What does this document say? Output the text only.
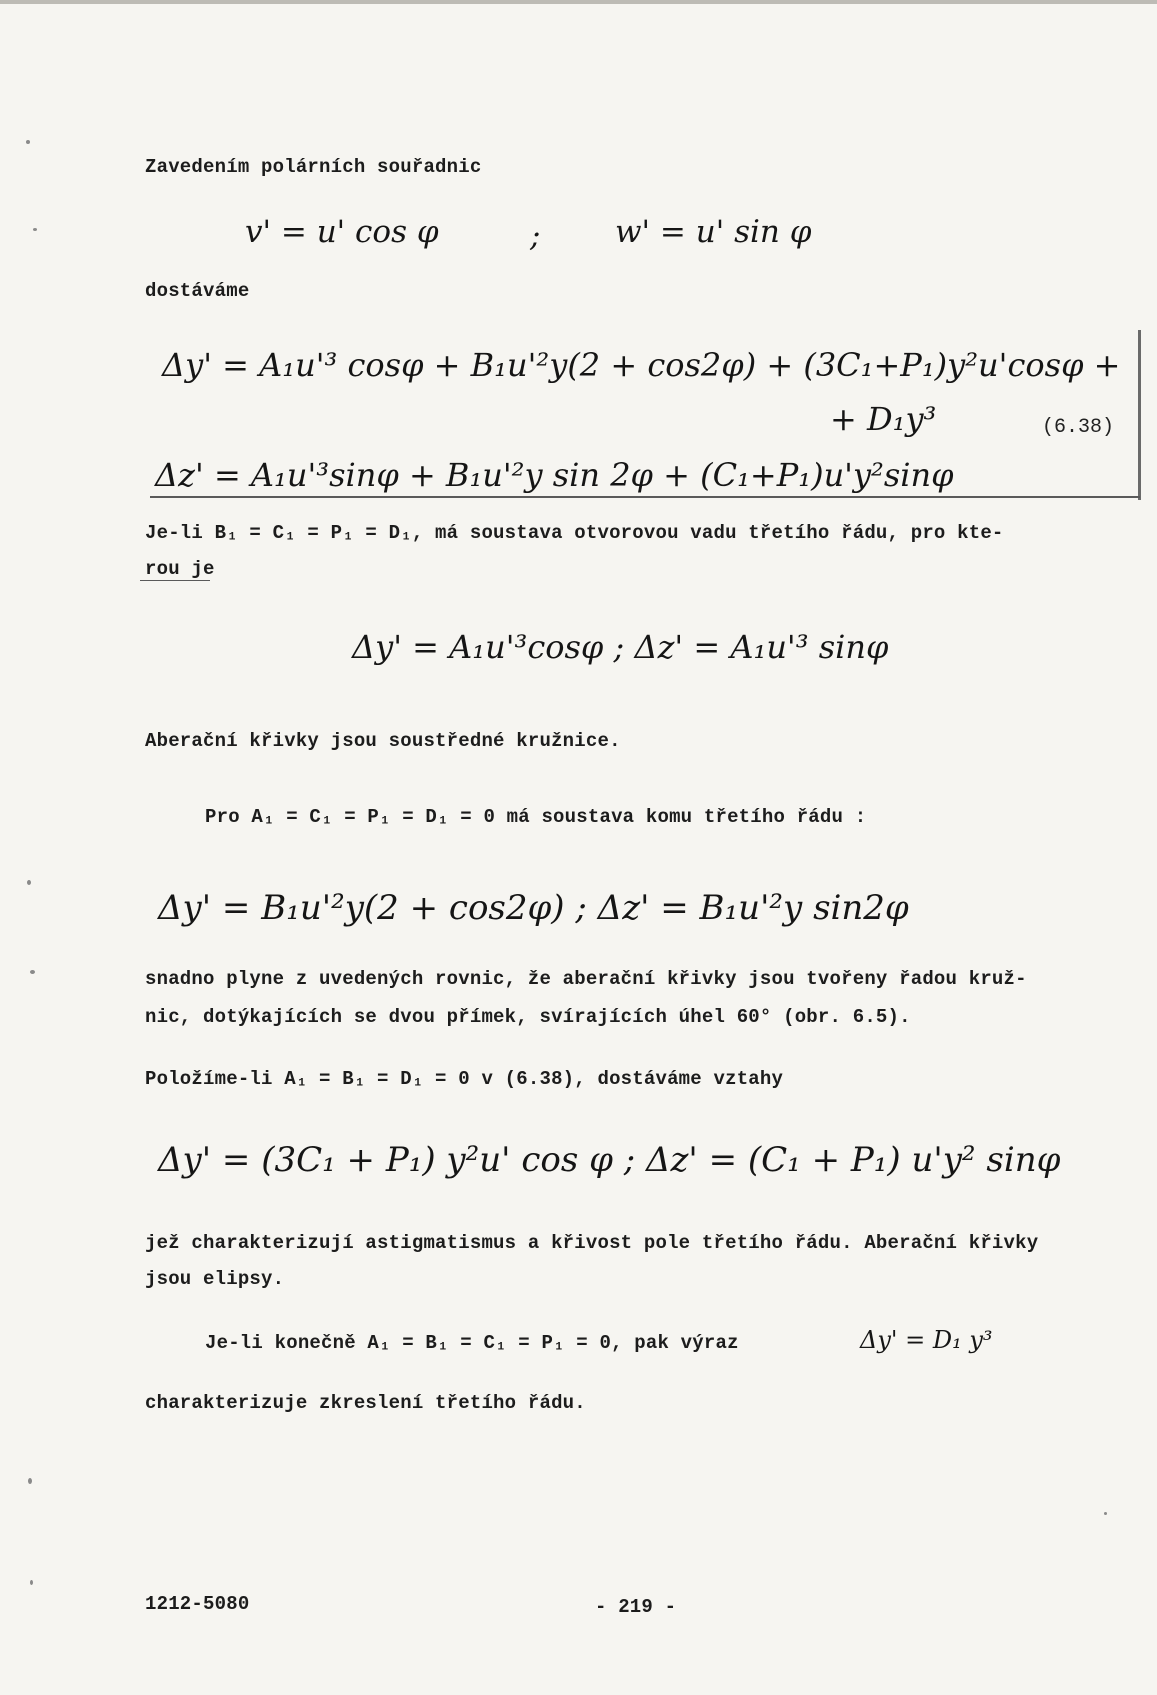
Zavedením polárních souřadnic
v' = u' cos φ	; w' = u' sin φ
dostáváme
Δy' = A₁u'³ cosφ + B₁u'²y(2 + cos2φ) + (3C₁+P₁)y²u'cosφ +
+ D₁y³	(6.38)
Δz' = A₁u'³sinφ + B₁u'²y sin 2φ + (C₁+P₁)u'y²sinφ
Je-li B₁ = C₁ = P₁ = D₁, má soustava otvorovou vadu třetího řádu, pro kte-
rou je
Δy' = A₁u'³cosφ ; Δz' = A₁u'³ sinφ
Aberační křivky jsou soustředné kružnice.
Pro A₁ = C₁ = P₁ = D₁ = 0 má soustava komu třetího řádu :
Δy' = B₁u'²y(2 + cos2φ) ; Δz' = B₁u'²y sin2φ
snadno plyne z uvedených rovnic, že aberační křivky jsou tvořeny řadou kruž-
nic, dotýkajících se dvou přímek, svírajících úhel 60° (obr. 6.5).
Položíme-li A₁ = B₁ = D₁ = 0 v (6.38), dostáváme vztahy
Δy' = (3C₁ + P₁) y²u' cos φ ; Δz' = (C₁ + P₁) u'y² sinφ
jež charakterizují astigmatismus a křivost pole třetího řádu. Aberační křivky
jsou elipsy.
Je-li konečně A₁ = B₁ = C₁ = P₁ = 0, pak výraz	Δy' = D₁ y³
charakterizuje zkreslení třetího řádu.
1212-5080	- 219 -
